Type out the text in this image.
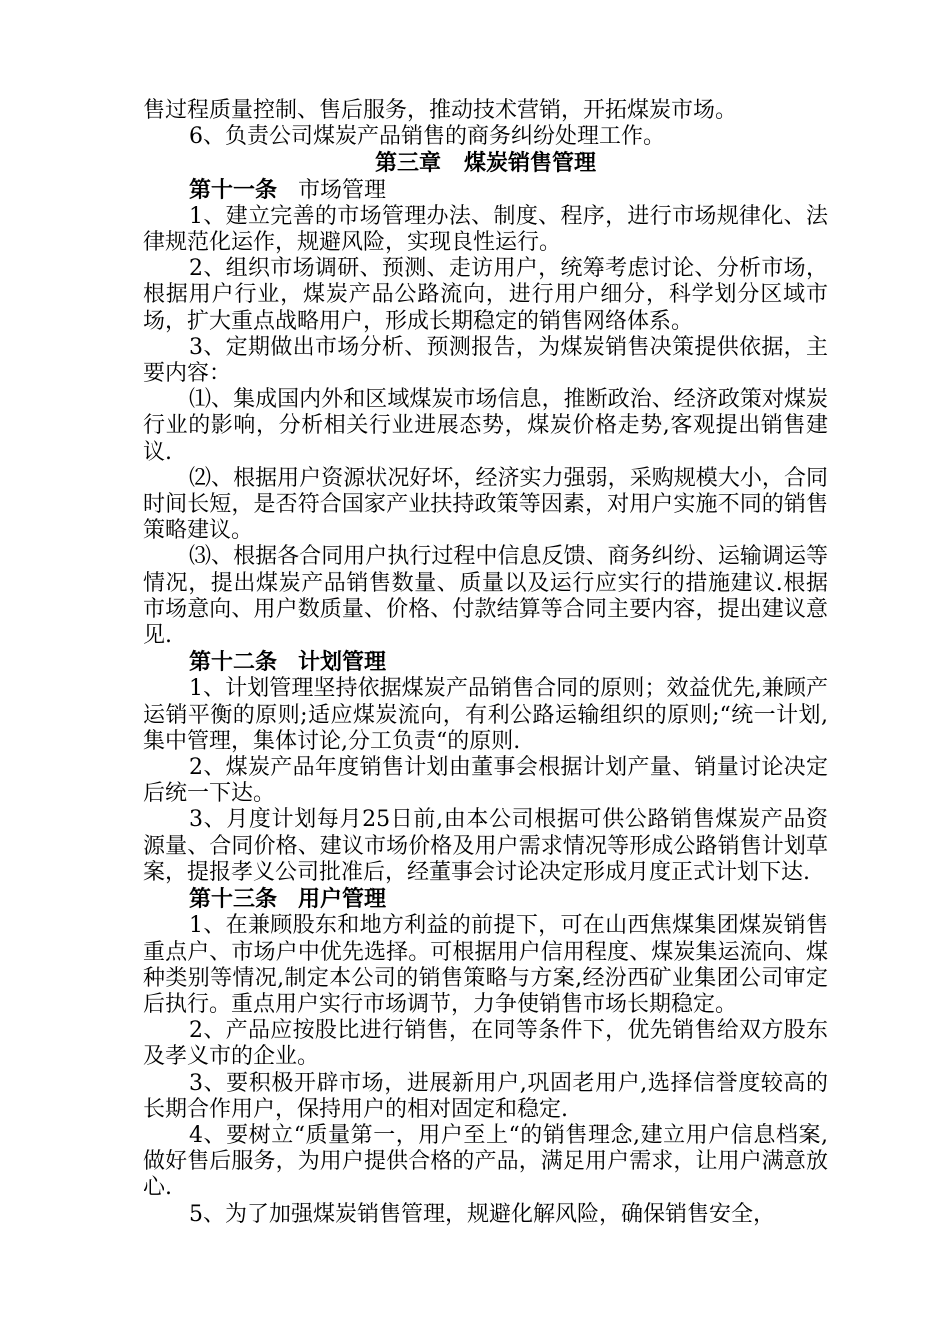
售过程质量控制、售后服务，推动技术营销，开拓煤炭市场。

6、负责公司煤炭产品销售的商务纠纷处理工作。

第三章 煤炭销售管理

第十一条 市场管理

1、建立完善的市场管理办法、制度、程序，进行市场规律化、法律规范化运作，规避风险，实现良性运行。

2、组织市场调研、预测、走访用户，统筹考虑讨论、分析市场，根据用户行业，煤炭产品公路流向，进行用户细分，科学划分区域市场，扩大重点战略用户，形成长期稳定的销售网络体系。

3、定期做出市场分析、预测报告，为煤炭销售决策提供依据，主要内容：

⑴、集成国内外和区域煤炭市场信息，推断政治、经济政策对煤炭行业的影响，分析相关行业进展态势，煤炭价格走势,客观提出销售建议.

⑵、根据用户资源状况好坏，经济实力强弱，采购规模大小，合同时间长短，是否符合国家产业扶持政策等因素，对用户实施不同的销售策略建议。

⑶、根据各合同用户执行过程中信息反馈、商务纠纷、运输调运等情况，提出煤炭产品销售数量、质量以及运行应实行的措施建议.根据市场意向、用户数质量、价格、付款结算等合同主要内容，提出建议意见.

第十二条 计划管理

1、计划管理坚持依据煤炭产品销售合同的原则；效益优先,兼顾产运销平衡的原则;适应煤炭流向，有利公路运输组织的原则;“统一计划,集中管理，集体讨论,分工负责“的原则.

2、煤炭产品年度销售计划由董事会根据计划产量、销量讨论决定后统一下达。

3、月度计划每月25日前,由本公司根据可供公路销售煤炭产品资源量、合同价格、建议市场价格及用户需求情况等形成公路销售计划草案，提报孝义公司批准后，经董事会讨论决定形成月度正式计划下达.

第十三条 用户管理

1、在兼顾股东和地方利益的前提下，可在山西焦煤集团煤炭销售重点户、市场户中优先选择。可根据用户信用程度、煤炭集运流向、煤种类别等情况,制定本公司的销售策略与方案,经汾西矿业集团公司审定后执行。重点用户实行市场调节，力争使销售市场长期稳定。

2、产品应按股比进行销售，在同等条件下，优先销售给双方股东及孝义市的企业。

3、要积极开辟市场，进展新用户,巩固老用户,选择信誉度较高的长期合作用户，保持用户的相对固定和稳定.

4、要树立“质量第一，用户至上“的销售理念,建立用户信息档案,做好售后服务，为用户提供合格的产品，满足用户需求，让用户满意放心.

5、为了加强煤炭销售管理，规避化解风险，确保销售安全，
